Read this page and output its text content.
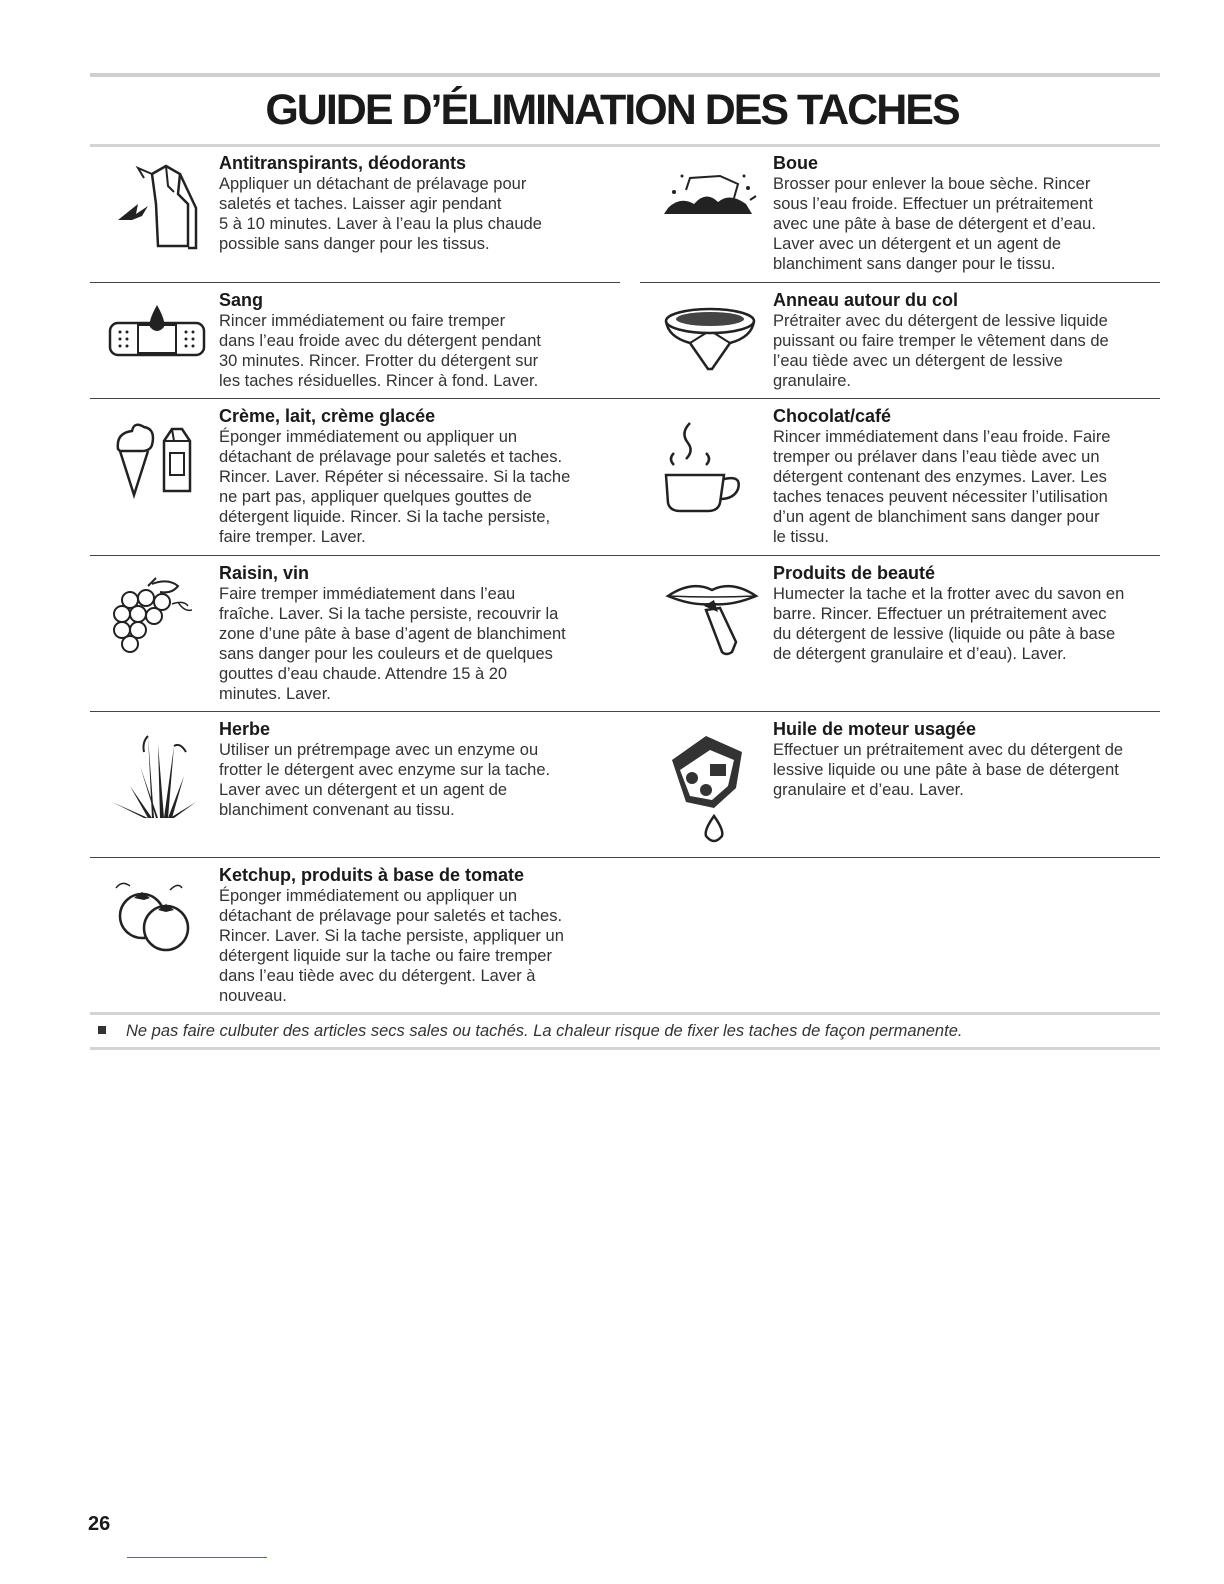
GUIDE D’ÉLIMINATION DES TACHES
Antitranspirants, déodorants

Appliquer un détachant de prélavage pour

saletés et taches. Laisser agir pendant

5 à 10 minutes. Laver à l’eau la plus chaude

possible sans danger pour les tissus.

Boue

Brosser pour enlever la boue sèche. Rincer

sous l’eau froide. Effectuer un prétraitement

avec une pâte à base de détergent et d’eau.

Laver avec un détergent et un agent de

blanchiment sans danger pour le tissu.

Sang

Rincer immédiatement ou faire tremper

dans l’eau froide avec du détergent pendant

30 minutes. Rincer. Frotter du détergent sur

les taches résiduelles. Rincer à fond. Laver.

Anneau autour du col

Prétraiter avec du détergent de lessive liquide

puissant ou faire tremper le vêtement dans de

l’eau tiède avec un détergent de lessive

granulaire.

Crème, lait, crème glacée

Éponger immédiatement ou appliquer un

détachant de prélavage pour saletés et taches.

Rincer. Laver. Répéter si nécessaire. Si la tache

ne part pas, appliquer quelques gouttes de

détergent liquide. Rincer. Si la tache persiste,

faire tremper. Laver.

Chocolat/café

Rincer immédiatement dans l’eau froide. Faire

tremper ou prélaver dans l’eau tiède avec un

détergent contenant des enzymes. Laver. Les

taches tenaces peuvent nécessiter l’utilisation

d’un agent de blanchiment sans danger pour

le tissu.

Raisin, vin

Faire tremper immédiatement dans l’eau

fraîche. Laver. Si la tache persiste, recouvrir la

zone d’une pâte à base d’agent de blanchiment

sans danger pour les couleurs et de quelques

gouttes d’eau chaude. Attendre 15 à 20

minutes. Laver.

Produits de beauté

Humecter la tache et la frotter avec du savon en

barre. Rincer. Effectuer un prétraitement avec

du détergent de lessive (liquide ou pâte à base

de détergent granulaire et d’eau). Laver.

Herbe

Utiliser un prétrempage avec un enzyme ou

frotter le détergent avec enzyme sur la tache.

Laver avec un détergent et un agent de

blanchiment convenant au tissu.

Huile de moteur usagée

Effectuer un prétraitement avec du détergent de

lessive liquide ou une pâte à base de détergent

granulaire et d’eau. Laver.

Ketchup, produits à base de tomate

Éponger immédiatement ou appliquer un

détachant de prélavage pour saletés et taches.

Rincer. Laver. Si la tache persiste, appliquer un

détergent liquide sur la tache ou faire tremper

dans l’eau tiède avec du détergent. Laver à

nouveau.

Ne pas faire culbuter des articles secs sales ou tachés. La chaleur risque de fixer les taches de façon permanente.
26
